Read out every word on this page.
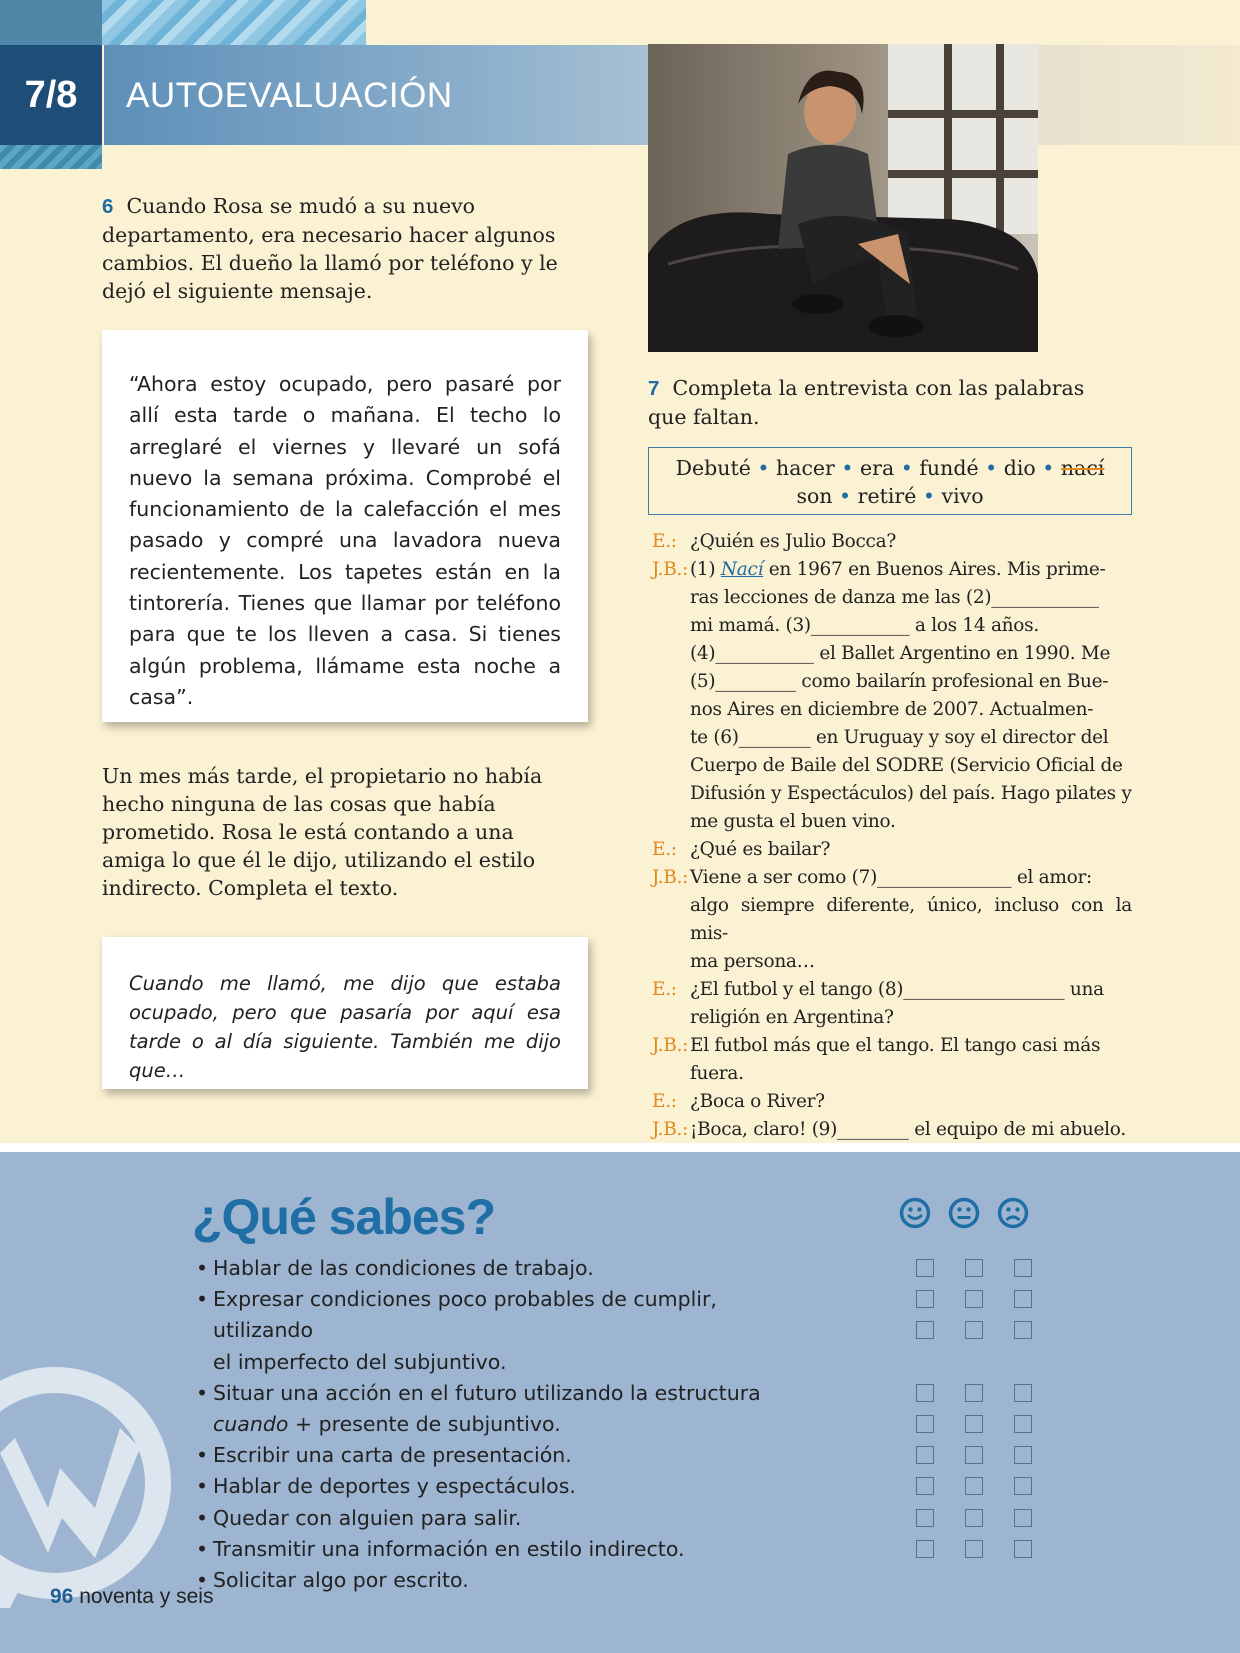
7/8	AUTOEVALUACIÓN
6 Cuando Rosa se mudó a su nuevo departamento, era necesario hacer algunos cambios. El dueño la llamó por teléfono y le dejó el siguiente mensaje.
“Ahora estoy ocupado, pero pasaré por allí esta tarde o mañana. El techo lo arreglaré el viernes y llevaré un sofá nuevo la semana próxima. Comprobé el funcionamiento de la calefacción el mes pasado y compré una lavadora nueva recientemente. Los tapetes están en la tintorería. Tienes que llamar por teléfono para que te los lleven a casa. Si tienes algún problema, llámame esta noche a casa”.
Un mes más tarde, el propietario no había hecho ninguna de las cosas que había prometido. Rosa le está contando a una amiga lo que él le dijo, utilizando el estilo indirecto. Completa el texto.
Cuando me llamó, me dijo que estaba ocupado, pero que pasaría por aquí esa tarde o al día siguiente. También me dijo que…
7 Completa la entrevista con las palabras que faltan.
Debuté • hacer • era • fundé • dio • nací
son • retiré • vivo
E.: ¿Quién es Julio Bocca?
J.B.: (1) Nací en 1967 en Buenos Aires. Mis prime-
ras lecciones de danza me las (2)____________
mi mamá. (3)___________ a los 14 años.
(4)___________ el Ballet Argentino en 1990. Me
(5)_________ como bailarín profesional en Bue-
nos Aires en diciembre de 2007. Actualmen-
te (6)________ en Uruguay y soy el director del
Cuerpo de Baile del SODRE (Servicio Oficial de
Difusión y Espectáculos) del país. Hago pilates y
me gusta el buen vino.
E.: ¿Qué es bailar?
J.B.: Viene a ser como (7)_______________ el amor:
algo siempre diferente, único, incluso con la mis-
ma persona…
E.: ¿El futbol y el tango (8)__________________ una
religión en Argentina?
J.B.: El futbol más que el tango. El tango casi más fuera.
E.: ¿Boca o River?
J.B.: ¡Boca, claro! (9)________ el equipo de mi abuelo.
¿Qué sabes?
• Hablar de las condiciones de trabajo.
• Expresar condiciones poco probables de cumplir, utilizando
el imperfecto del subjuntivo.
• Situar una acción en el futuro utilizando la estructura
cuando + presente de subjuntivo.
• Escribir una carta de presentación.
• Hablar de deportes y espectáculos.
• Quedar con alguien para salir.
• Transmitir una información en estilo indirecto.
• Solicitar algo por escrito.
96 noventa y seis
